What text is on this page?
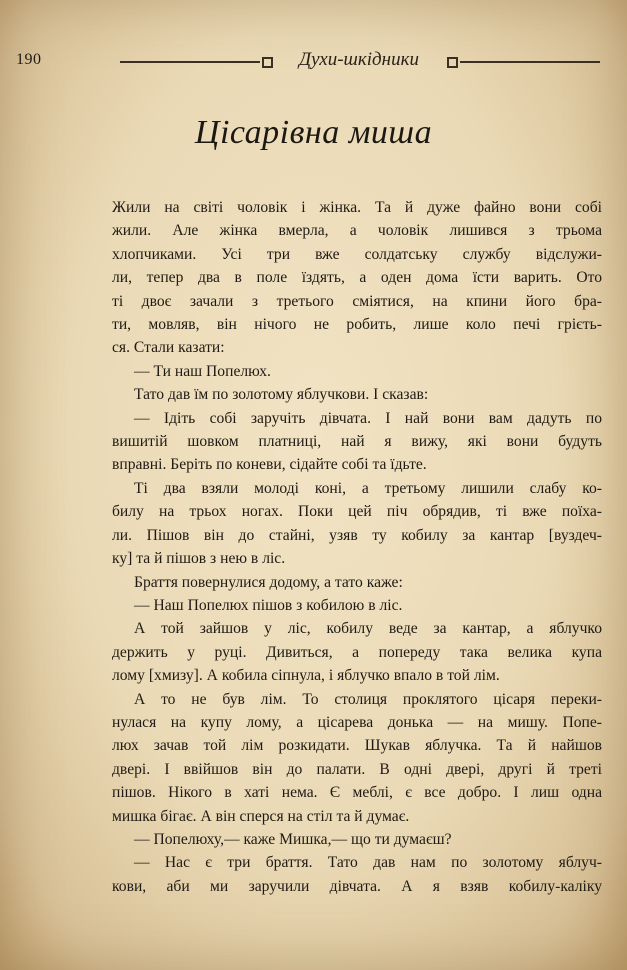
190	Духи-шкідники
Цісарівна миша
Жили на світі чоловік і жінка. Та й дуже файно вони собі
жили. Але жінка вмерла, а чоловік лишився з трьома
хлопчиками. Усі три вже солдатську службу відслужи-
ли, тепер два в поле їздять, а оден дома їсти варить. Ото
ті двоє зачали з третього сміятися, на кпини його бра-
ти, мовляв, він нічого не робить, лише коло печі грієть-
ся. Стали казати:
— Ти наш Попелюх.
Тато дав їм по золотому яблучкови. І сказав:
— Ідіть собі заручіть дівчата. І най вони вам дадуть по
вишитій шовком платниці, най я вижу, які вони будуть
вправні. Беріть по коневи, сідайте собі та їдьте.
Ті два взяли молоді коні, а третьому лишили слабу ко-
билу на трьох ногах. Поки цей піч обрядив, ті вже поїха-
ли. Пішов він до стайні, узяв ту кобилу за кантар [вуздеч-
ку] та й пішов з нею в ліс.
Браття повернулися додому, а тато каже:
— Наш Попелюх пішов з кобилою в ліс.
А той зайшов у ліс, кобилу веде за кантар, а яблучко
держить у руці. Дивиться, а попереду така велика купа
лому [хмизу]. А кобила сіпнула, і яблучко впало в той лім.
А то не був лім. То столиця проклятого цісаря переки-
нулася на купу лому, а цісарева донька — на мишу. Попе-
люх зачав той лім розкидати. Шукав яблучка. Та й найшов
двері. І ввійшов він до палати. В одні двері, другі й треті
пішов. Нікого в хаті нема. Є меблі, є все добро. І лиш одна
мишка бігає. А він сперся на стіл та й думає.
— Попелюху,— каже Мишка,— що ти думаєш?
— Нас є три браття. Тато дав нам по золотому яблуч-
кови, аби ми заручили дівчата. А я взяв кобилу-каліку
